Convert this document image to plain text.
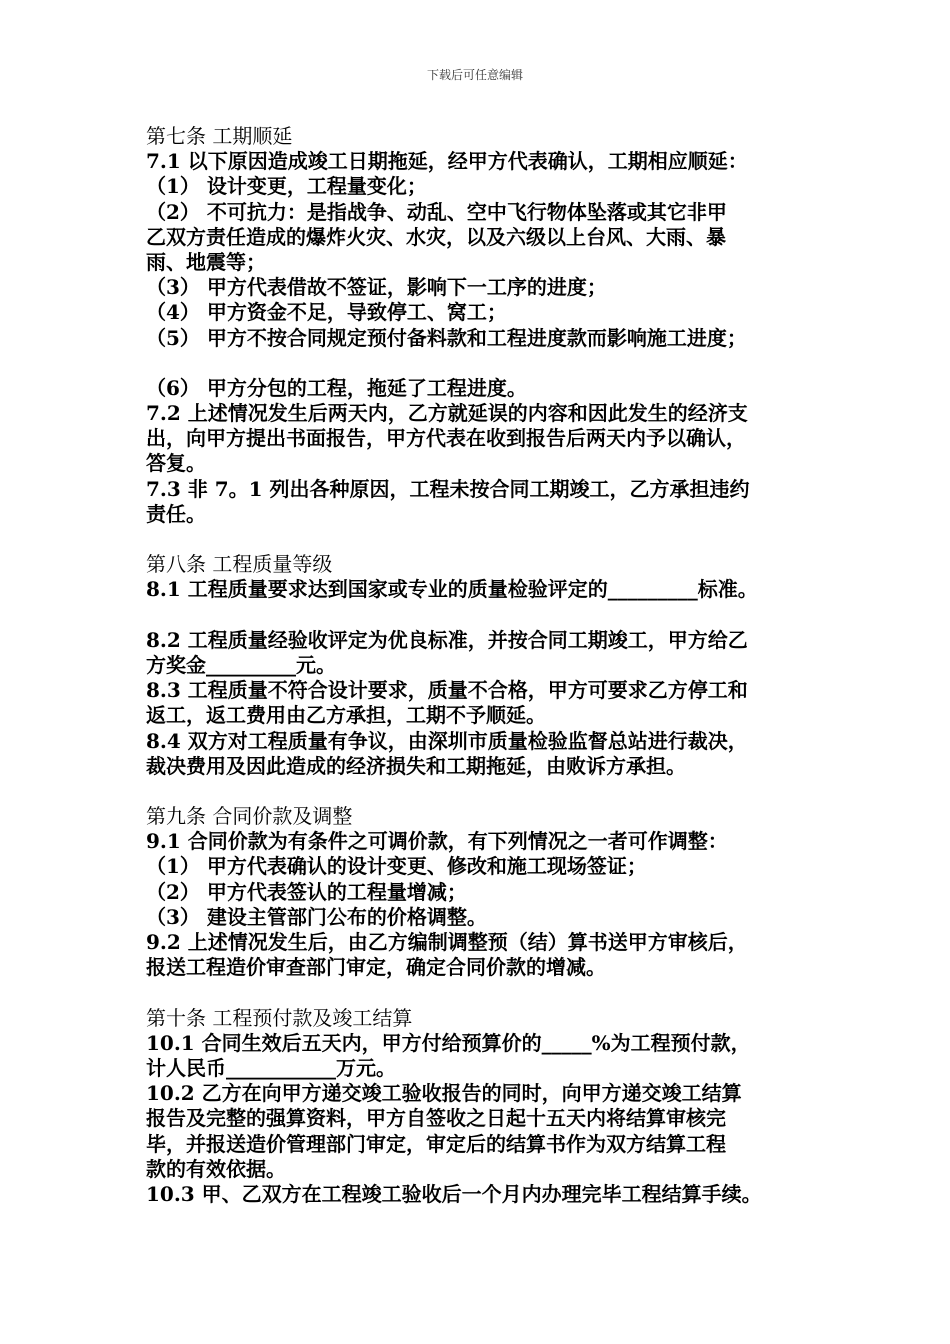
下载后可任意编辑
第七条 工期顺延
7.1 以下原因造成竣工日期拖延，经甲方代表确认，工期相应顺延：
（1） 设计变更，工程量变化；
（2） 不可抗力：是指战争、动乱、空中飞行物体坠落或其它非甲
乙双方责任造成的爆炸火灾、水灾，以及六级以上台风、大雨、暴
雨、地震等；
（3） 甲方代表借故不签证，影响下一工序的进度；
（4） 甲方资金不足，导致停工、窝工；
（5） 甲方不按合同规定预付备料款和工程进度款而影响施工进度；
（6） 甲方分包的工程，拖延了工程进度。
7.2 上述情况发生后两天内，乙方就延误的内容和因此发生的经济支
出，向甲方提出书面报告，甲方代表在收到报告后两天内予以确认，
答复。
7.3 非 7。1 列出各种原因，工程未按合同工期竣工，乙方承担违约
责任。
第八条 工程质量等级
8.1 工程质量要求达到国家或专业的质量检验评定的_________标准。
8.2 工程质量经验收评定为优良标准，并按合同工期竣工，甲方给乙
方奖金_________元。
8.3 工程质量不符合设计要求，质量不合格，甲方可要求乙方停工和
返工，返工费用由乙方承担，工期不予顺延。
8.4 双方对工程质量有争议，由深圳市质量检验监督总站进行裁决，
裁决费用及因此造成的经济损失和工期拖延，由败诉方承担。
第九条 合同价款及调整
9.1 合同价款为有条件之可调价款，有下列情况之一者可作调整：
（1） 甲方代表确认的设计变更、修改和施工现场签证；
（2） 甲方代表签认的工程量增减；
（3） 建设主管部门公布的价格调整。
9.2 上述情况发生后，由乙方编制调整预（结）算书送甲方审核后，
报送工程造价审查部门审定，确定合同价款的增减。
第十条 工程预付款及竣工结算
10.1 合同生效后五天内，甲方付给预算价的_____%为工程预付款，
计人民币___________万元。
10.2 乙方在向甲方递交竣工验收报告的同时，向甲方递交竣工结算
报告及完整的强算资料，甲方自签收之日起十五天内将结算审核完
毕，并报送造价管理部门审定，审定后的结算书作为双方结算工程
款的有效依据。
10.3 甲、乙双方在工程竣工验收后一个月内办理完毕工程结算手续。
